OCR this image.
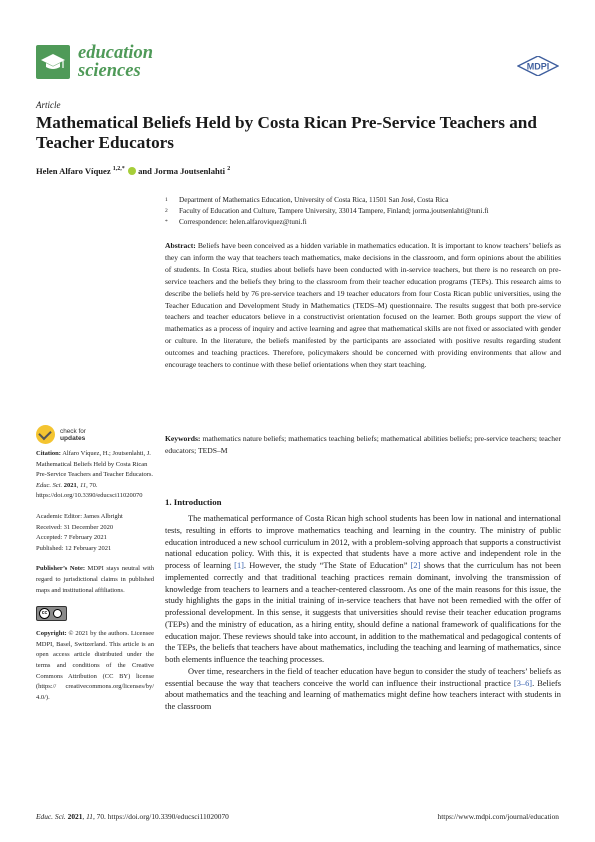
education
sciences	MDPI
Article
Mathematical Beliefs Held by Costa Rican Pre-Service Teachers and Teacher Educators
Helen Alfaro Víquez $^{1,2,*}$ and Jorma Joutsenlahti $^2$
1	Department of Mathematics Education, University of Costa Rica, 11501 San José, Costa Rica
2	Faculty of Education and Culture, Tampere University, 33014 Tampere, Finland; jorma.joutsenlahti@tuni.fi
*	Correspondence: helen.alfaroviquez@tuni.fi
Abstract: Beliefs have been conceived as a hidden variable in mathematics education. It is important to know teachers’ beliefs as they can inform the way that teachers teach mathematics, make decisions in the classroom, and form opinions about the abilities of students. In Costa Rica, studies about beliefs have been conducted with in-service teachers, but there is no research on pre-service teachers and the beliefs they bring to the classroom from their teacher education programs (TEPs). This research aims to describe the beliefs held by 76 pre-service teachers and 19 teacher educators from four Costa Rican public universities, using the Teacher Education and Development Study in Mathematics (TEDS–M) questionnaire. The results suggest that both pre-service teachers and teacher educators believe in a constructivist orientation focused on the learner. Both groups support the view of mathematics as a process of inquiry and active learning and agree that mathematical skills are not fixed or associated with gender or culture. In the literature, the beliefs manifested by the participants are associated with positive results regarding student outcomes and teaching practices. Therefore, policymakers should be concerned with providing environments that allow and encourage teachers to continue with these belief orientations when they start teaching.
Keywords: mathematics nature beliefs; mathematics teaching beliefs; mathematical abilities beliefs; pre-service teachers; teacher educators; TEDS–M
1. Introduction

The mathematical performance of Costa Rican high school students has been low in national and international tests, resulting in efforts to improve mathematics teaching and learning in the country. The ministry of public education introduced a new school curriculum in 2012, with a problem-solving approach that supports a constructivist national education policy. With this, it is expected that students have a more active and independent role in the process of learning [1]. However, the study “The State of Education” [2] shows that the curriculum has not been implemented correctly and that traditional teaching practices remain dominant, involving the transmission of knowledge from teachers to learners and a teacher-centered classroom. As one of the main reasons for this issue, the study highlights the gaps in the initial training of in-service teachers that have not been remedied with the offer of professional development. In this sense, it suggests that universities should revise their teacher education programs (TEPs) and the ministry of education, as a hiring entity, should define a national framework of qualifications for the education major. These reviews should take into account, in addition to the mathematical and pedagogical contents of the TEPs, the beliefs that teachers have about mathematics, including the teaching and learning of mathematics, since both elements influence the teaching processes.

Over time, researchers in the field of teacher education have begun to consider the study of teachers’ beliefs as essential because the way that teachers conceive the world can influence their instructional practice [3–6]. Beliefs about mathematics and the teaching and learning of mathematics might define how teachers interact with students in the classroom

check for
updates
Citation: Alfaro Víquez, H.; Joutsenlahti, J. Mathematical Beliefs Held by Costa Rican Pre-Service Teachers and Teacher Educators. Educ. Sci. 2021, 11, 70. https://doi.org/10.3390/educsci11020070
Academic Editor: James Albright
Received: 31 December 2020
Accepted: 7 February 2021
Published: 12 February 2021
Publisher’s Note: MDPI stays neutral with regard to jurisdictional claims in published maps and institutional affiliations.
cc
Copyright: © 2021 by the authors. Licensee MDPI, Basel, Switzerland. This article is an open access article distributed under the terms and conditions of the Creative Commons Attribution (CC BY) license (https:// creativecommons.org/licenses/by/ 4.0/).
Educ. Sci. 2021, 11, 70. https://doi.org/10.3390/educsci11020070	https://www.mdpi.com/journal/education
